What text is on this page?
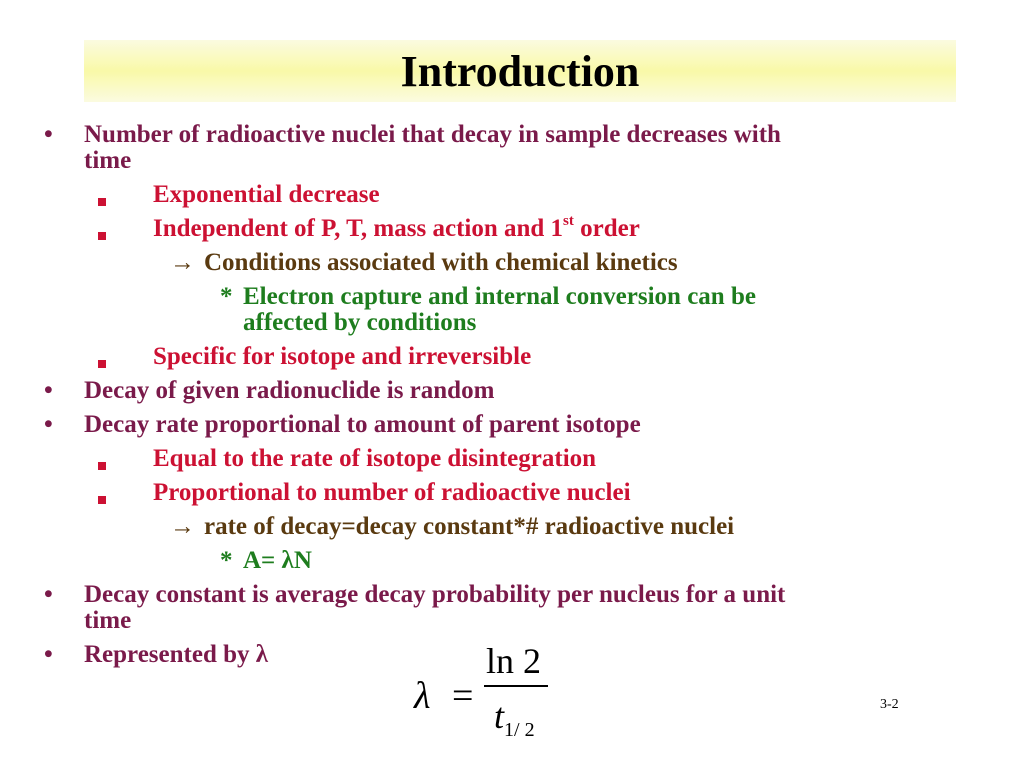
Introduction
• Number of radioactive nuclei that decay in sample decreases with
time
Exponential decrease
Independent of P, T, mass action and 1st order
→ Conditions associated with chemical kinetics
* Electron capture and internal conversion can be
affected by conditions
Specific for isotope and irreversible
• Decay of given radionuclide is random
• Decay rate proportional to amount of parent isotope
Equal to the rate of isotope disintegration
Proportional to number of radioactive nuclei
→ rate of decay=decay constant*# radioactive nuclei
* A= λN
• Decay constant is average decay probability per nucleus for a unit
time
• Represented by λ
λ =
ln 2
$t_{1/ 2}$
3-2
